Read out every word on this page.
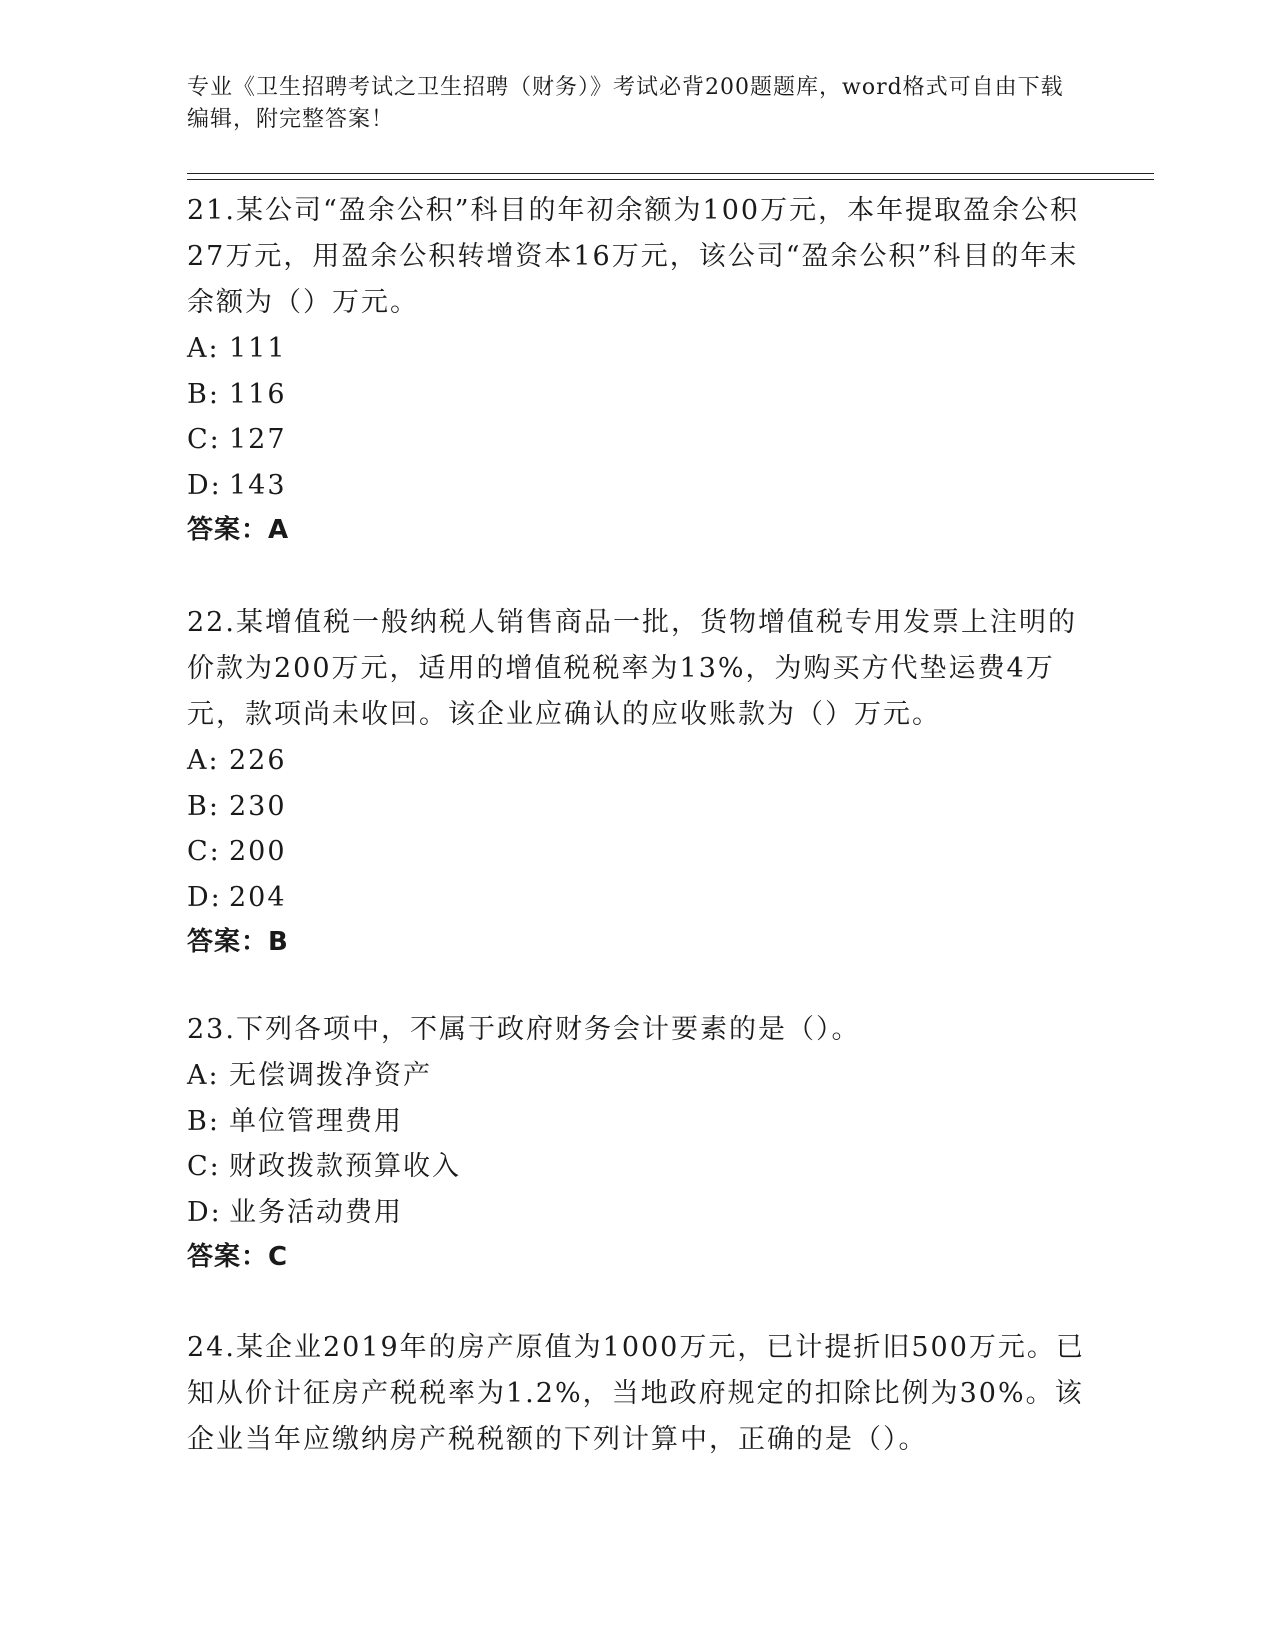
专业《卫生招聘考试之卫生招聘（财务）》考试必背200题题库，word格式可自由下载编辑，附完整答案！

21.某公司“盈余公积”科目的年初余额为100万元，本年提取盈余公积27万元，用盈余公积转增资本16万元，该公司“盈余公积”科目的年末余额为（）万元。

A: 111
B: 116
C: 127
D: 143
答案：A

22.某增值税一般纳税人销售商品一批，货物增值税专用发票上注明的价款为200万元，适用的增值税税率为13%，为购买方代垫运费4万元，款项尚未收回。该企业应确认的应收账款为（）万元。

A: 226
B: 230
C: 200
D: 204
答案：B

23.下列各项中，不属于政府财务会计要素的是（）。

A: 无偿调拨净资产
B: 单位管理费用
C: 财政拨款预算收入
D: 业务活动费用
答案：C

24.某企业2019年的房产原值为1000万元，已计提折旧500万元。已知从价计征房产税税率为1.2%，当地政府规定的扣除比例为30%。该企业当年应缴纳房产税税额的下列计算中，正确的是（）。
